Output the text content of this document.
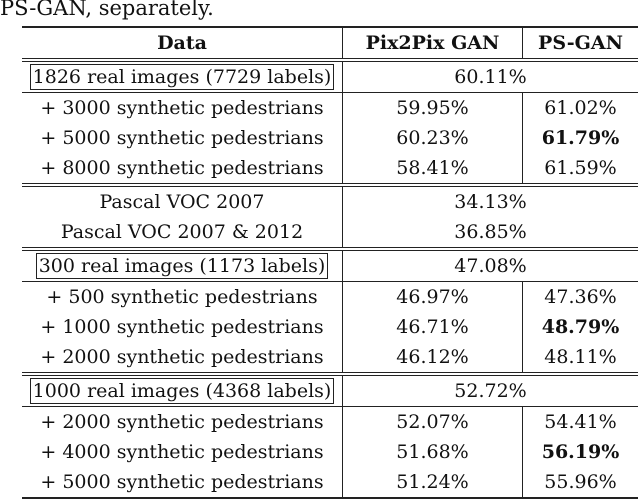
PS-GAN, separately.
Data	Pix2Pix GAN	PS-GAN
1826 real images (7729 labels)	60.11%
+ 3000 synthetic pedestrians	59.95%	61.02%
+ 5000 synthetic pedestrians	60.23%	61.79%
+ 8000 synthetic pedestrians	58.41%	61.59%
Pascal VOC 2007	34.13%
Pascal VOC 2007 & 2012	36.85%
300 real images (1173 labels)	47.08%
+ 500 synthetic pedestrians	46.97%	47.36%
+ 1000 synthetic pedestrians	46.71%	48.79%
+ 2000 synthetic pedestrians	46.12%	48.11%
1000 real images (4368 labels)	52.72%
+ 2000 synthetic pedestrians	52.07%	54.41%
+ 4000 synthetic pedestrians	51.68%	56.19%
+ 5000 synthetic pedestrians	51.24%	55.96%
